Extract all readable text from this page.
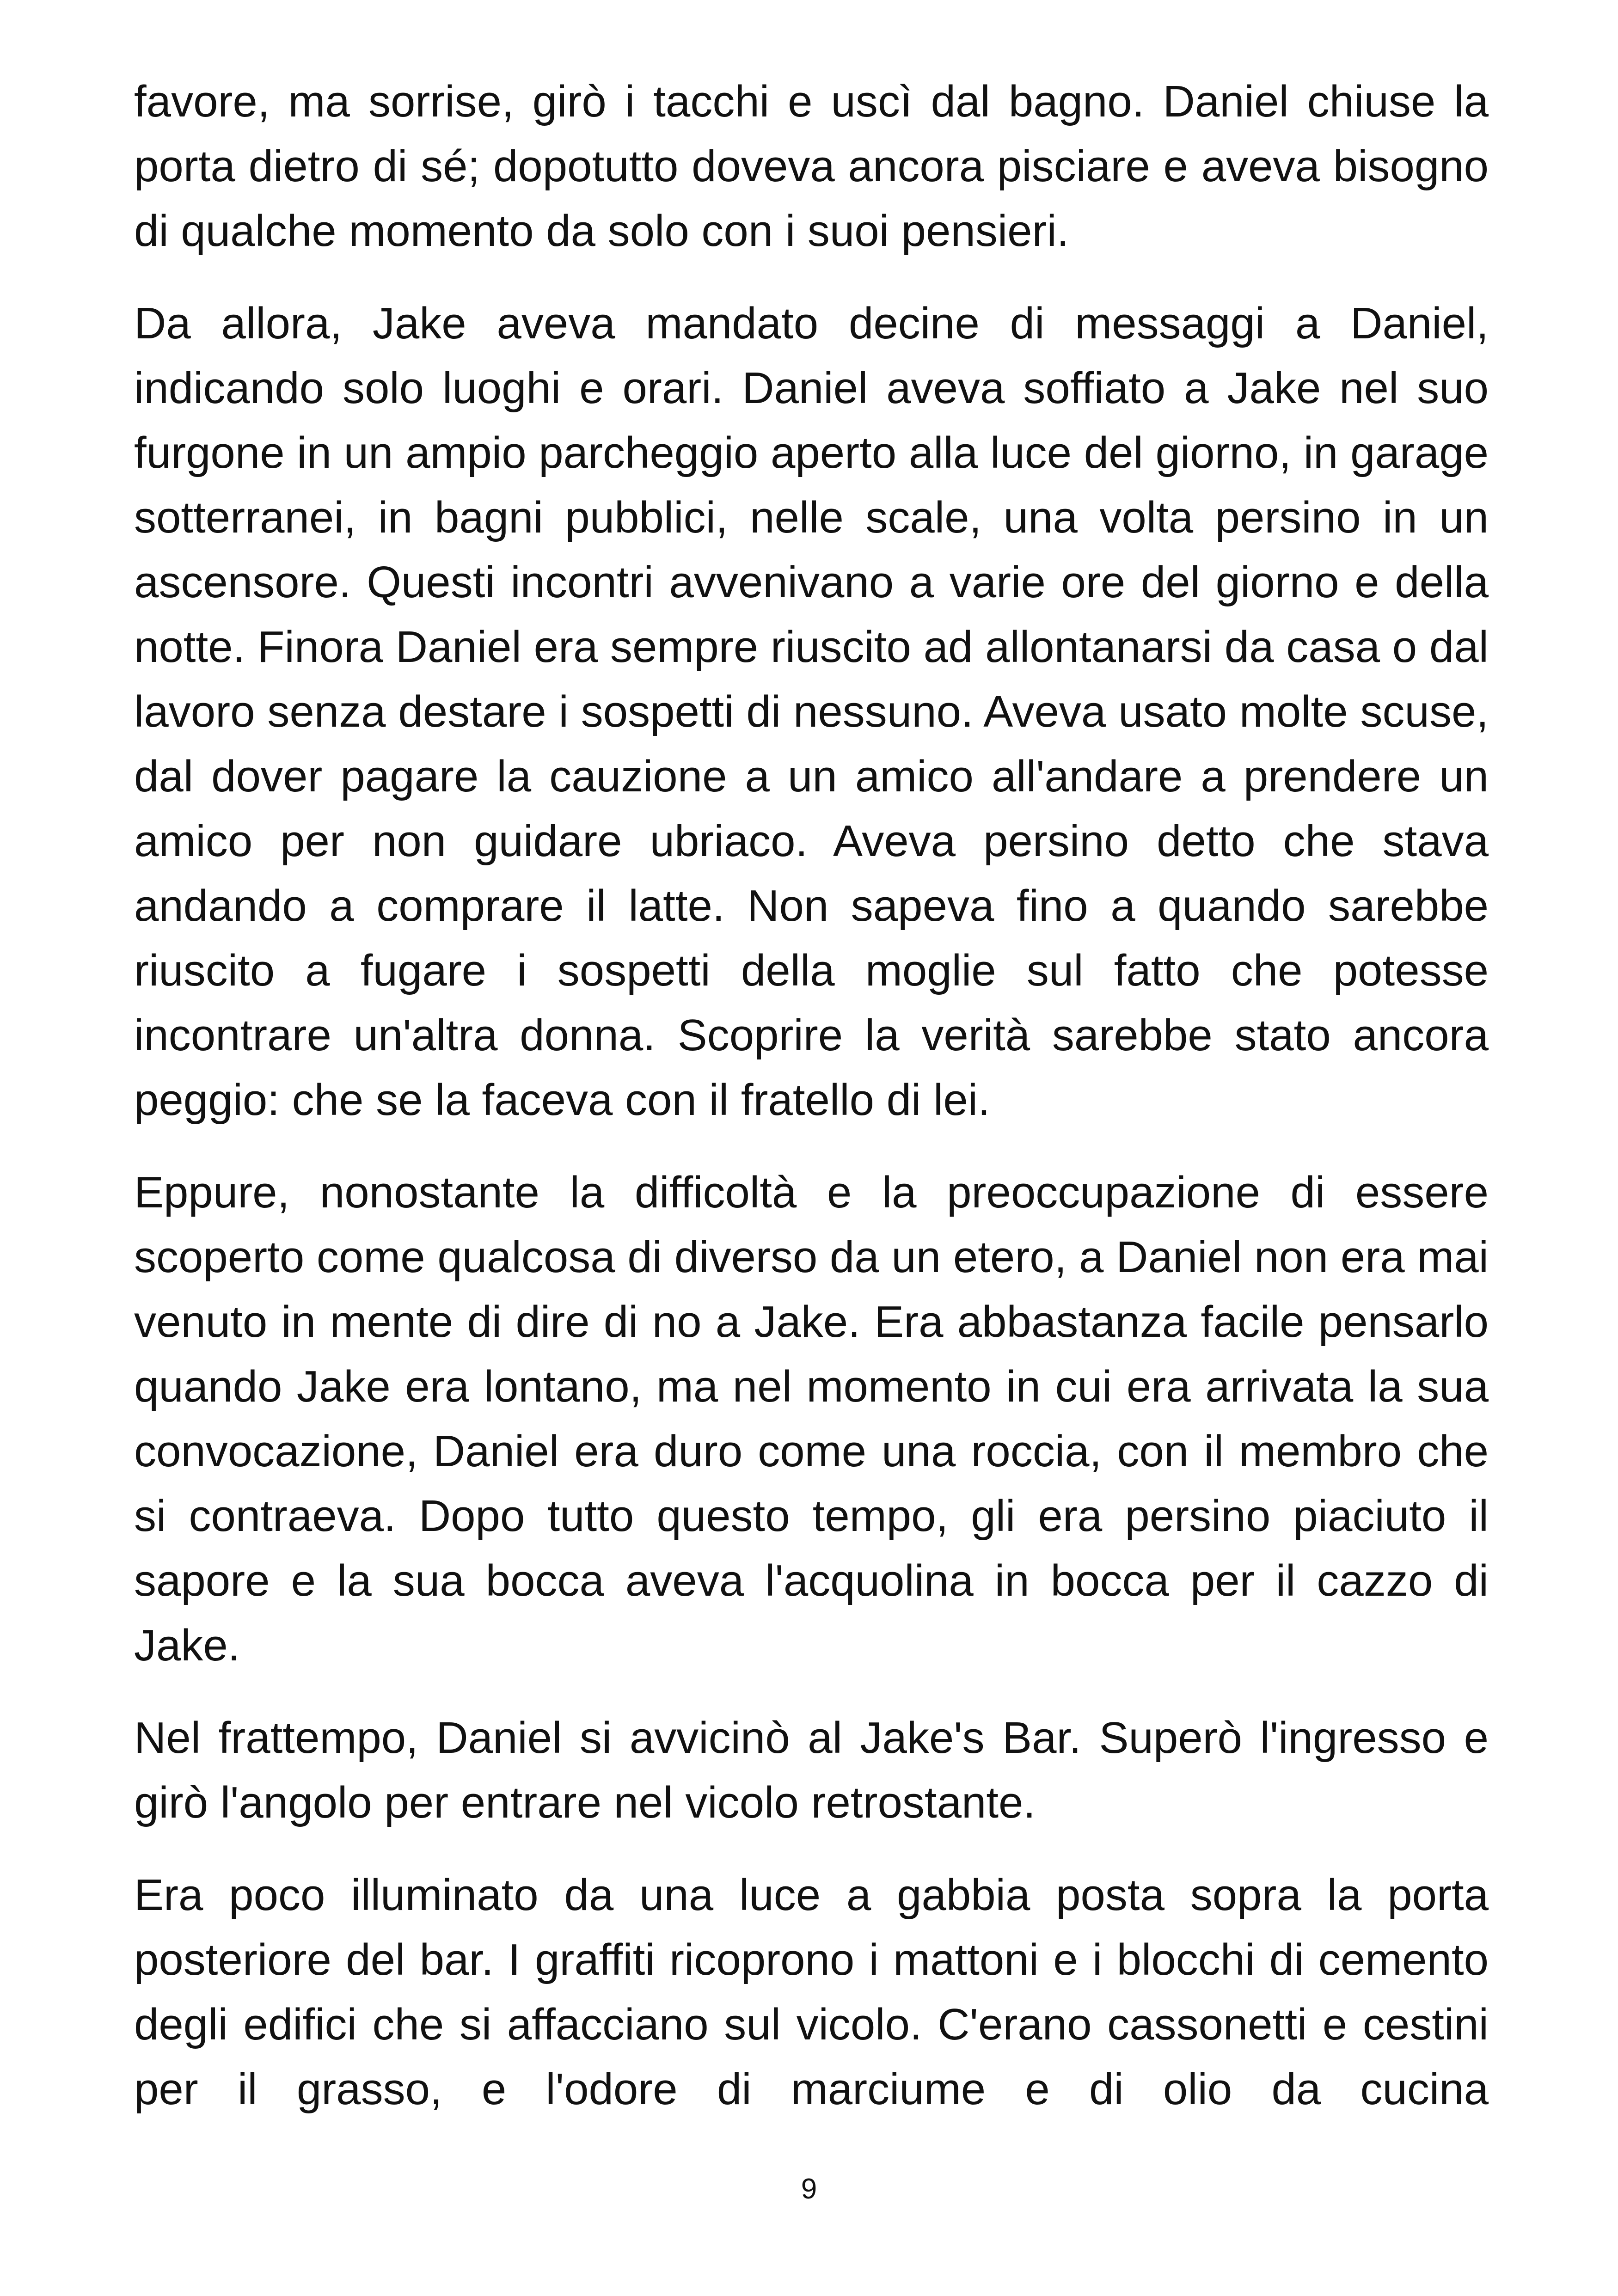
favore, ma sorrise, girò i tacchi e uscì dal bagno. Daniel chiuse la porta dietro di sé; dopotutto doveva ancora pisciare e aveva bisogno di qualche momento da solo con i suoi pensieri.

Da allora, Jake aveva mandato decine di messaggi a Daniel, indicando solo luoghi e orari. Daniel aveva soffiato a Jake nel suo furgone in un ampio parcheggio aperto alla luce del giorno, in garage sotterranei, in bagni pubblici, nelle scale, una volta persino in un ascensore. Questi incontri avvenivano a varie ore del giorno e della notte. Finora Daniel era sempre riuscito ad allontanarsi da casa o dal lavoro senza destare i sospetti di nessuno. Aveva usato molte scuse, dal dover pagare la cauzione a un amico all'andare a prendere un amico per non guidare ubriaco. Aveva persino detto che stava andando a comprare il latte. Non sapeva fino a quando sarebbe riuscito a fugare i sospetti della moglie sul fatto che potesse incontrare un'altra donna. Scoprire la verità sarebbe stato ancora peggio: che se la faceva con il fratello di lei.

Eppure, nonostante la difficoltà e la preoccupazione di essere scoperto come qualcosa di diverso da un etero, a Daniel non era mai venuto in mente di dire di no a Jake. Era abbastanza facile pensarlo quando Jake era lontano, ma nel momento in cui era arrivata la sua convocazione, Daniel era duro come una roccia, con il membro che si contraeva. Dopo tutto questo tempo, gli era persino piaciuto il sapore e la sua bocca aveva l'acquolina in bocca per il cazzo di Jake.

Nel frattempo, Daniel si avvicinò al Jake's Bar. Superò l'ingresso e girò l'angolo per entrare nel vicolo retrostante.

Era poco illuminato da una luce a gabbia posta sopra la porta posteriore del bar. I graffiti ricoprono i mattoni e i blocchi di cemento degli edifici che si affacciano sul vicolo. C'erano cassonetti e cestini per il grasso, e l'odore di marciume e di olio da cucina

9
